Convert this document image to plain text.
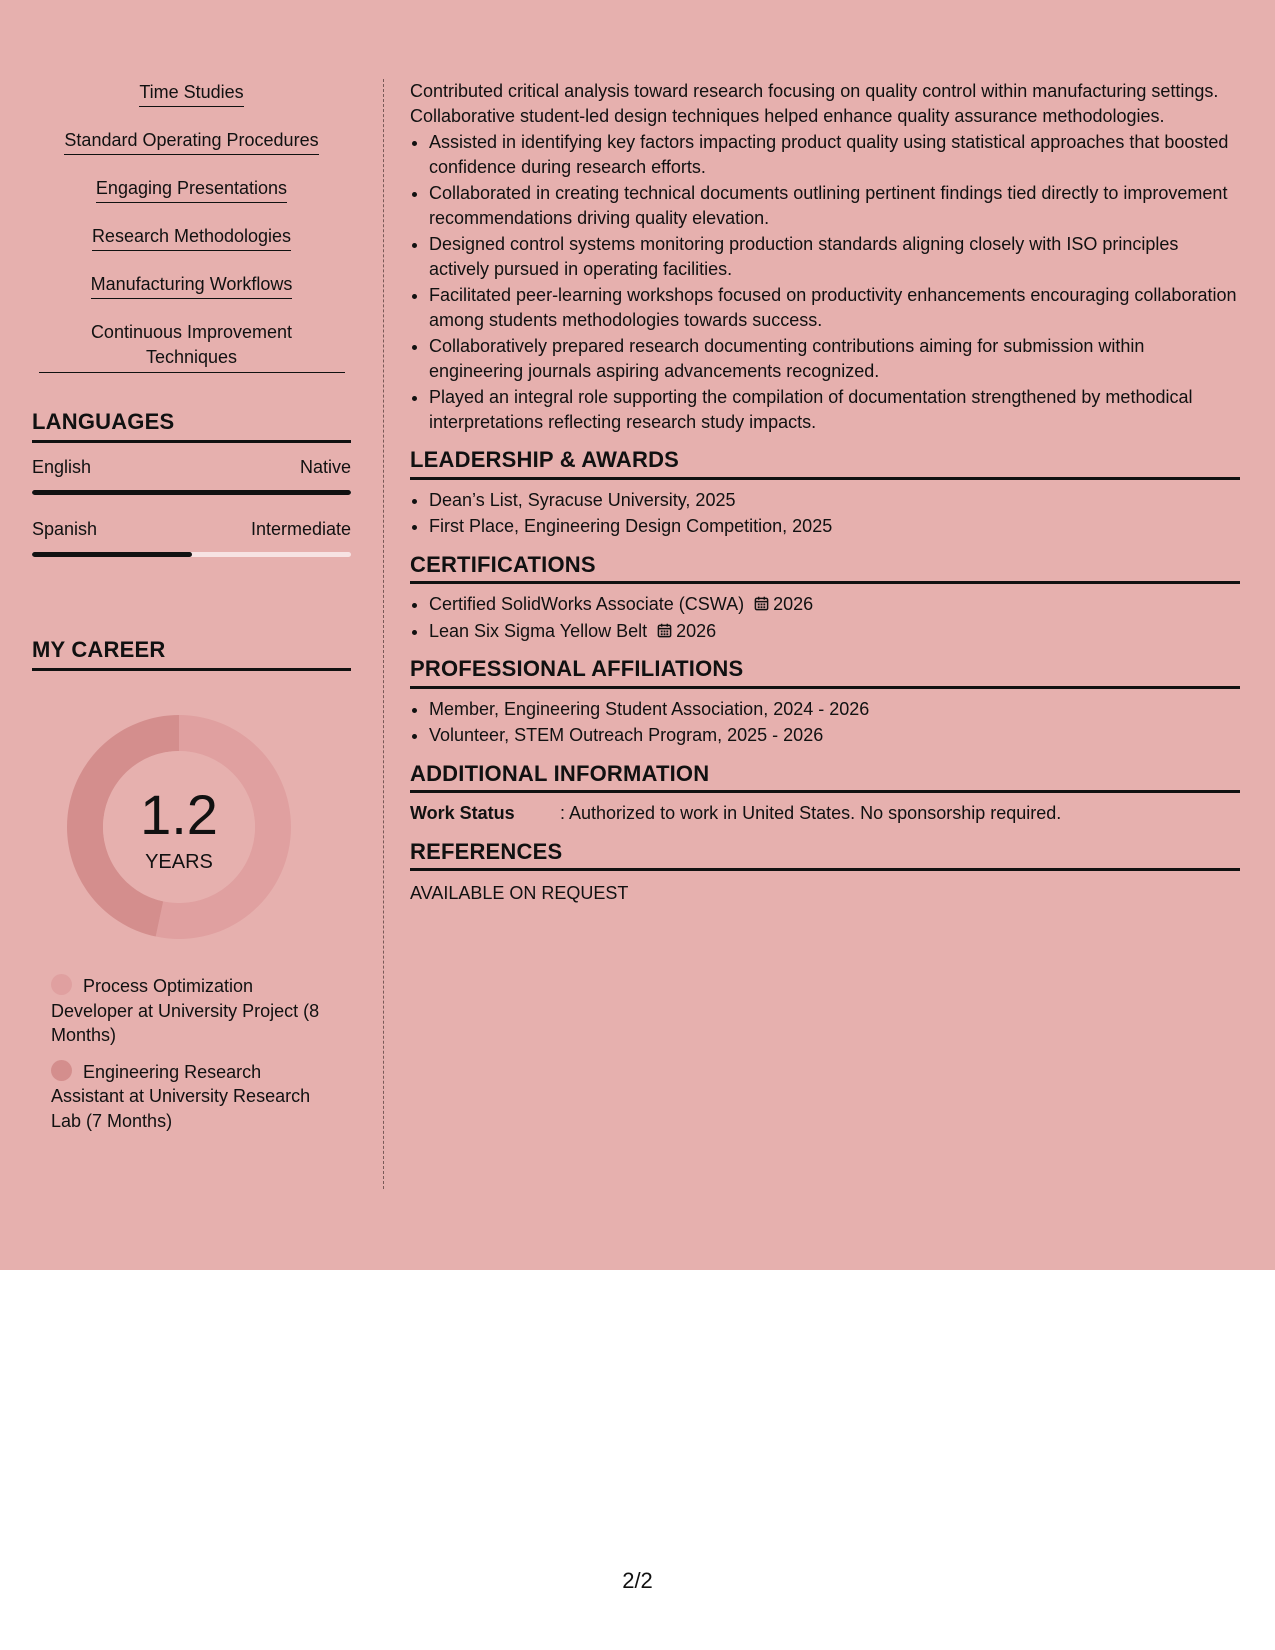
Time Studies
Standard Operating Procedures
Engaging Presentations
Research Methodologies
Manufacturing Workflows
Continuous Improvement Techniques
LANGUAGES
English	Native
Spanish	Intermediate
MY CAREER
1.2
YEARS
Process Optimization Developer at University Project (8 Months)
Engineering Research Assistant at University Research Lab (7 Months)

Contributed critical analysis toward research focusing on quality control within manufacturing settings. Collaborative student-led design techniques helped enhance quality assurance methodologies.

• Assisted in identifying key factors impacting product quality using statistical approaches that boosted confidence during research efforts.
• Collaborated in creating technical documents outlining pertinent findings tied directly to improvement recommendations driving quality elevation.
• Designed control systems monitoring production standards aligning closely with ISO principles actively pursued in operating facilities.
• Facilitated peer-learning workshops focused on productivity enhancements encouraging collaboration among students methodologies towards success.
• Collaboratively prepared research documenting contributions aiming for submission within engineering journals aspiring advancements recognized.
• Played an integral role supporting the compilation of documentation strengthened by methodical interpretations reflecting research study impacts.
LEADERSHIP & AWARDS
• Dean’s List, Syracuse University, 2025
• First Place, Engineering Design Competition, 2025
CERTIFICATIONS
• Certified SolidWorks Associate (CSWA) 2026
• Lean Six Sigma Yellow Belt 2026
PROFESSIONAL AFFILIATIONS
• Member, Engineering Student Association, 2024 - 2026
• Volunteer, STEM Outreach Program, 2025 - 2026
ADDITIONAL INFORMATION
Work Status	: Authorized to work in United States. No sponsorship required.
REFERENCES
AVAILABLE ON REQUEST
2/2
